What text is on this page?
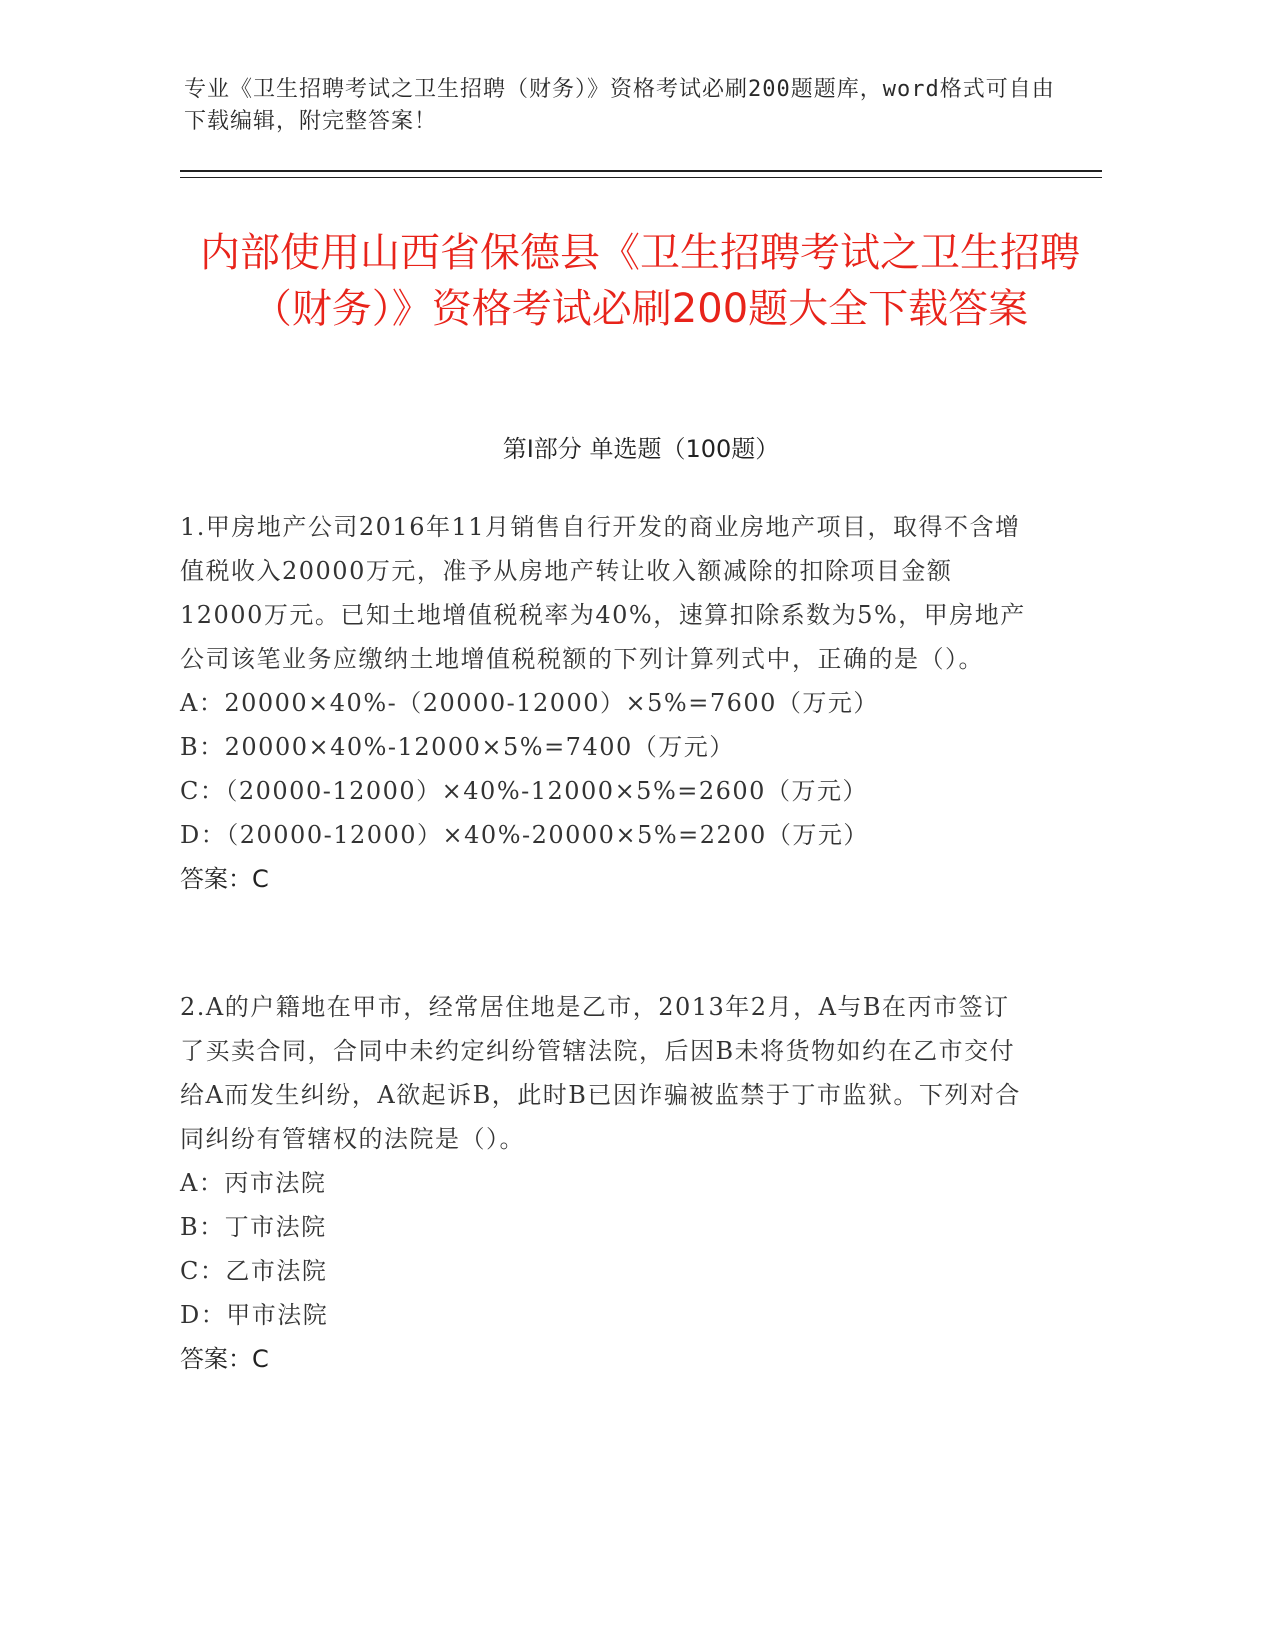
专业《卫生招聘考试之卫生招聘（财务）》资格考试必刷200题题库，word格式可自由下载编辑，附完整答案！
内部使用山西省保德县《卫生招聘考试之卫生招聘（财务）》资格考试必刷200题大全下载答案
第Ⅰ部分 单选题（100题）

1.甲房地产公司2016年11月销售自行开发的商业房地产项目，取得不含增值税收入20000万元，准予从房地产转让收入额减除的扣除项目金额12000万元。已知土地增值税税率为40%，速算扣除系数为5%，甲房地产公司该笔业务应缴纳土地增值税税额的下列计算列式中，正确的是（）。

A：20000×40%-（20000-12000）×5%=7600（万元）

B：20000×40%-12000×5%=7400（万元）

C：（20000-12000）×40%-12000×5%=2600（万元）

D：（20000-12000）×40%-20000×5%=2200（万元）

答案：C

2.A的户籍地在甲市，经常居住地是乙市，2013年2月，A与B在丙市签订了买卖合同，合同中未约定纠纷管辖法院，后因B未将货物如约在乙市交付给A而发生纠纷，A欲起诉B，此时B已因诈骗被监禁于丁市监狱。下列对合同纠纷有管辖权的法院是（）。

A：丙市法院

B：丁市法院

C：乙市法院

D：甲市法院

答案：C
